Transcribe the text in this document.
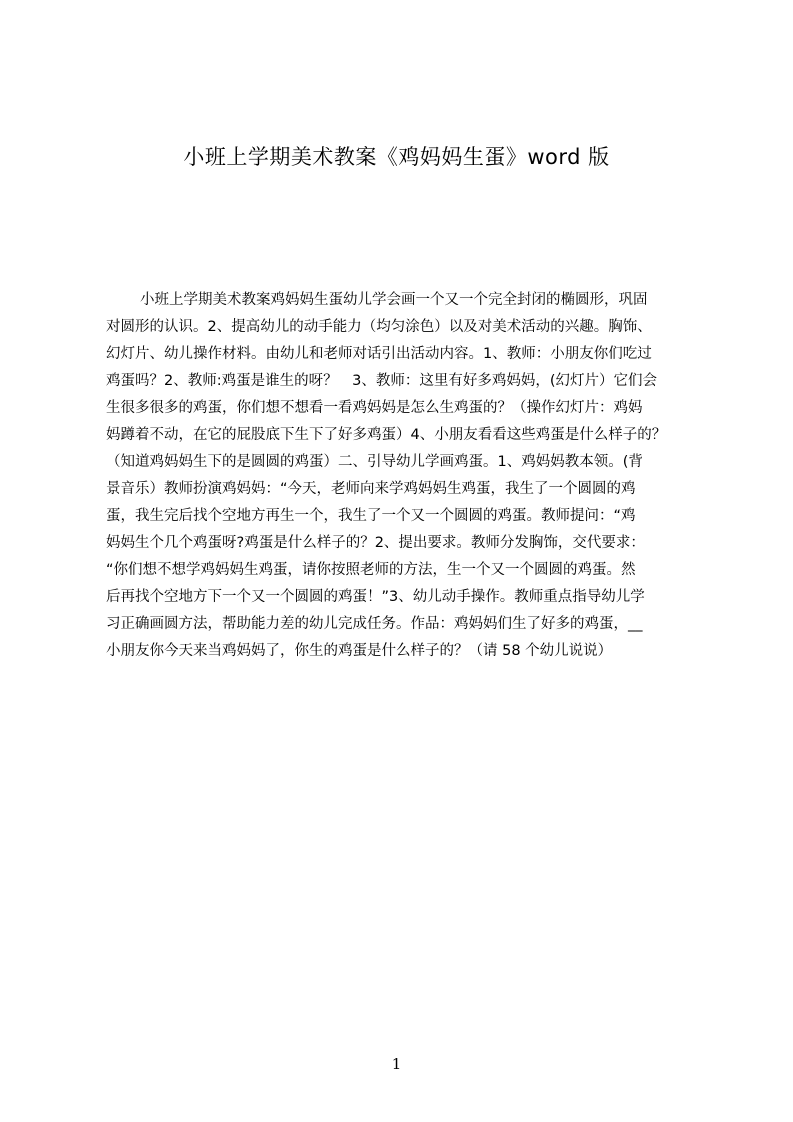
小班上学期美术教案《鸡妈妈生蛋》word 版
小班上学期美术教案鸡妈妈生蛋幼儿学会画一个又一个完全封闭的椭圆形，巩固
对圆形的认识。2、提高幼儿的动手能力（均匀涂色）以及对美术活动的兴趣。胸饰、
幻灯片、幼儿操作材料。由幼儿和老师对话引出活动内容。1、教师：小朋友你们吃过
鸡蛋吗？2、教师:鸡蛋是谁生的呀？　3、教师：这里有好多鸡妈妈，(幻灯片）它们会
生很多很多的鸡蛋，你们想不想看一看鸡妈妈是怎么生鸡蛋的？（操作幻灯片：鸡妈
妈蹲着不动，在它的屁股底下生下了好多鸡蛋）4、小朋友看看这些鸡蛋是什么样子的？
（知道鸡妈妈生下的是圆圆的鸡蛋）二、引导幼儿学画鸡蛋。1、鸡妈妈教本领。(背
景音乐）教师扮演鸡妈妈：“今天，老师向来学鸡妈妈生鸡蛋，我生了一个圆圆的鸡
蛋，我生完后找个空地方再生一个，我生了一个又一个圆圆的鸡蛋。教师提问：“鸡
妈妈生个几个鸡蛋呀?鸡蛋是什么样子的？2、提出要求。教师分发胸饰，交代要求：
“你们想不想学鸡妈妈生鸡蛋，请你按照老师的方法，生一个又一个圆圆的鸡蛋。然
后再找个空地方下一个又一个圆圆的鸡蛋！”3、幼儿动手操作。教师重点指导幼儿学
习正确画圆方法，帮助能力差的幼儿完成任务。作品：鸡妈妈们生了好多的鸡蛋，__
小朋友你今天来当鸡妈妈了，你生的鸡蛋是什么样子的？（请 58 个幼儿说说）
1
